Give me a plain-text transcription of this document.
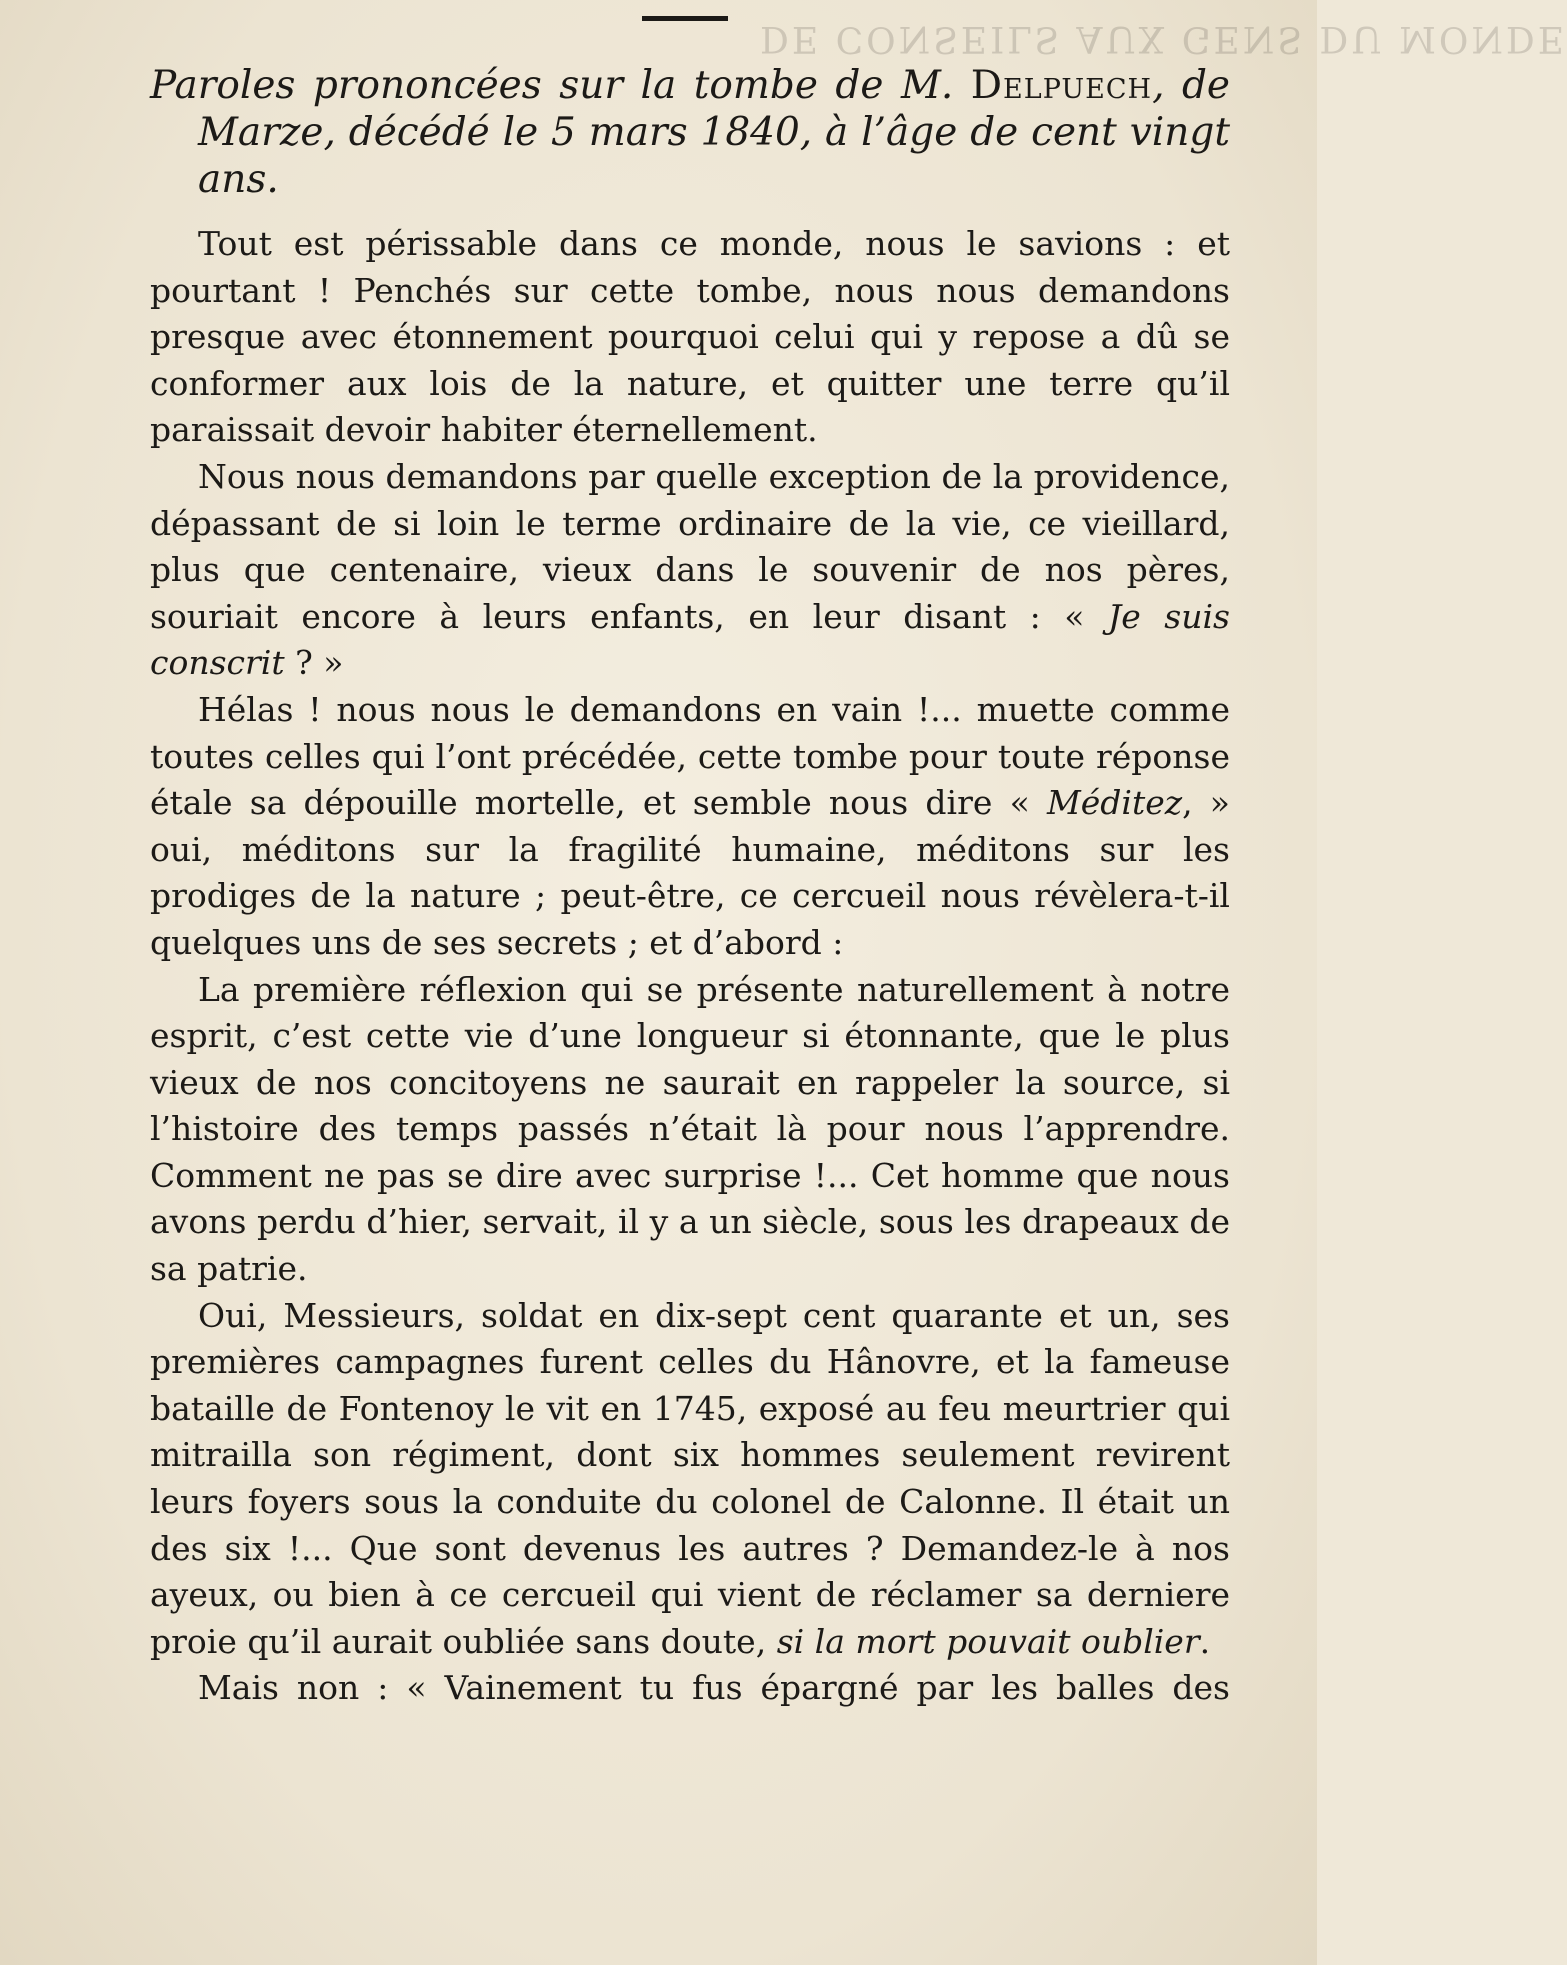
DE CONSEILS AUX GENS DU MONDE

Paroles prononcées sur la tombe de M. Delpuech, de Marze, décédé le 5 mars 1840, à l’âge de cent vingt ans.

Tout est périssable dans ce monde, nous le savions : et pourtant ! Penchés sur cette tombe, nous nous demandons presque avec étonnement pourquoi celui qui y repose a dû se conformer aux lois de la nature, et quitter une terre qu’il paraissait devoir habiter éternellement.

Nous nous demandons par quelle exception de la providence, dépassant de si loin le terme ordinaire de la vie, ce vieillard, plus que centenaire, vieux dans le souvenir de nos pères, souriait encore à leurs enfants, en leur disant : « Je suis conscrit ? »

Hélas ! nous nous le demandons en vain !... muette comme toutes celles qui l’ont précédée, cette tombe pour toute réponse étale sa dépouille mortelle, et semble nous dire « Méditez, » oui, méditons sur la fragilité humaine, méditons sur les prodiges de la nature ; peut-être, ce cercueil nous révèlera-t-il quelques uns de ses secrets ; et d’abord :

La première réflexion qui se présente naturellement à notre esprit, c’est cette vie d’une longueur si étonnante, que le plus vieux de nos concitoyens ne saurait en rappeler la source, si l’histoire des temps passés n’était là pour nous l’apprendre. Comment ne pas se dire avec surprise !... Cet homme que nous avons perdu d’hier, servait, il y a un siècle, sous les drapeaux de sa patrie.

Oui, Messieurs, soldat en dix-sept cent quarante et un, ses premières campagnes furent celles du Hânovre, et la fameuse bataille de Fontenoy le vit en 1745, exposé au feu meurtrier qui mitrailla son régiment, dont six hommes seulement revirent leurs foyers sous la conduite du colonel de Calonne. Il était un des six !... Que sont devenus les autres ? Demandez-le à nos ayeux, ou bien à ce cercueil qui vient de réclamer sa derniere proie qu’il aurait oubliée sans doute, si la mort pouvait oublier.

Mais non : « Vainement tu fus épargné par les balles des
